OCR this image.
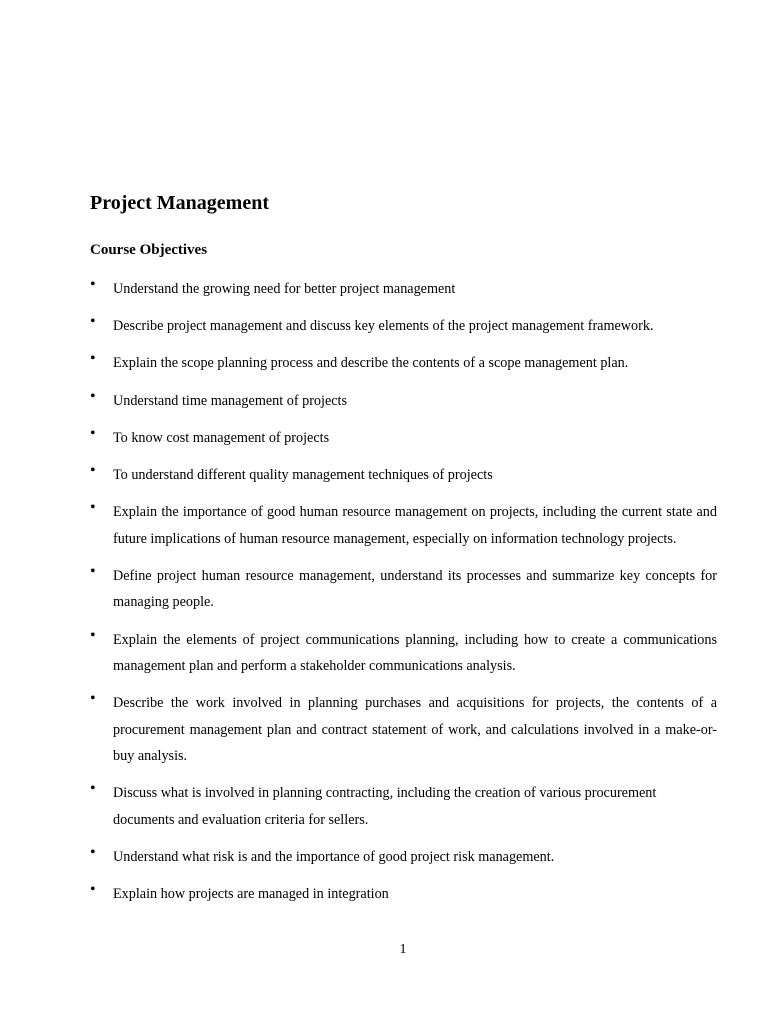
Project Management
Course Objectives
• Understand the growing need for better project management
• Describe project management and discuss key elements of the project management framework.
• Explain the scope planning process and describe the contents of a scope management plan.
• Understand time management of projects
• To know cost management of projects
• To understand different quality management techniques of projects
• Explain the importance of good human resource management on projects, including the current state and future implications of human resource management, especially on information technology projects.
• Define project human resource management, understand its processes and summarize key concepts for managing people.
• Explain the elements of project communications planning, including how to create a communications management plan and perform a stakeholder communications analysis.
• Describe the work involved in planning purchases and acquisitions for projects, the contents of a procurement management plan and contract statement of work, and calculations involved in a make-or-buy analysis.
• Discuss what is involved in planning contracting, including the creation of various procurement documents and evaluation criteria for sellers.
• Understand what risk is and the importance of good project risk management.
• Explain how projects are managed in integration
1
